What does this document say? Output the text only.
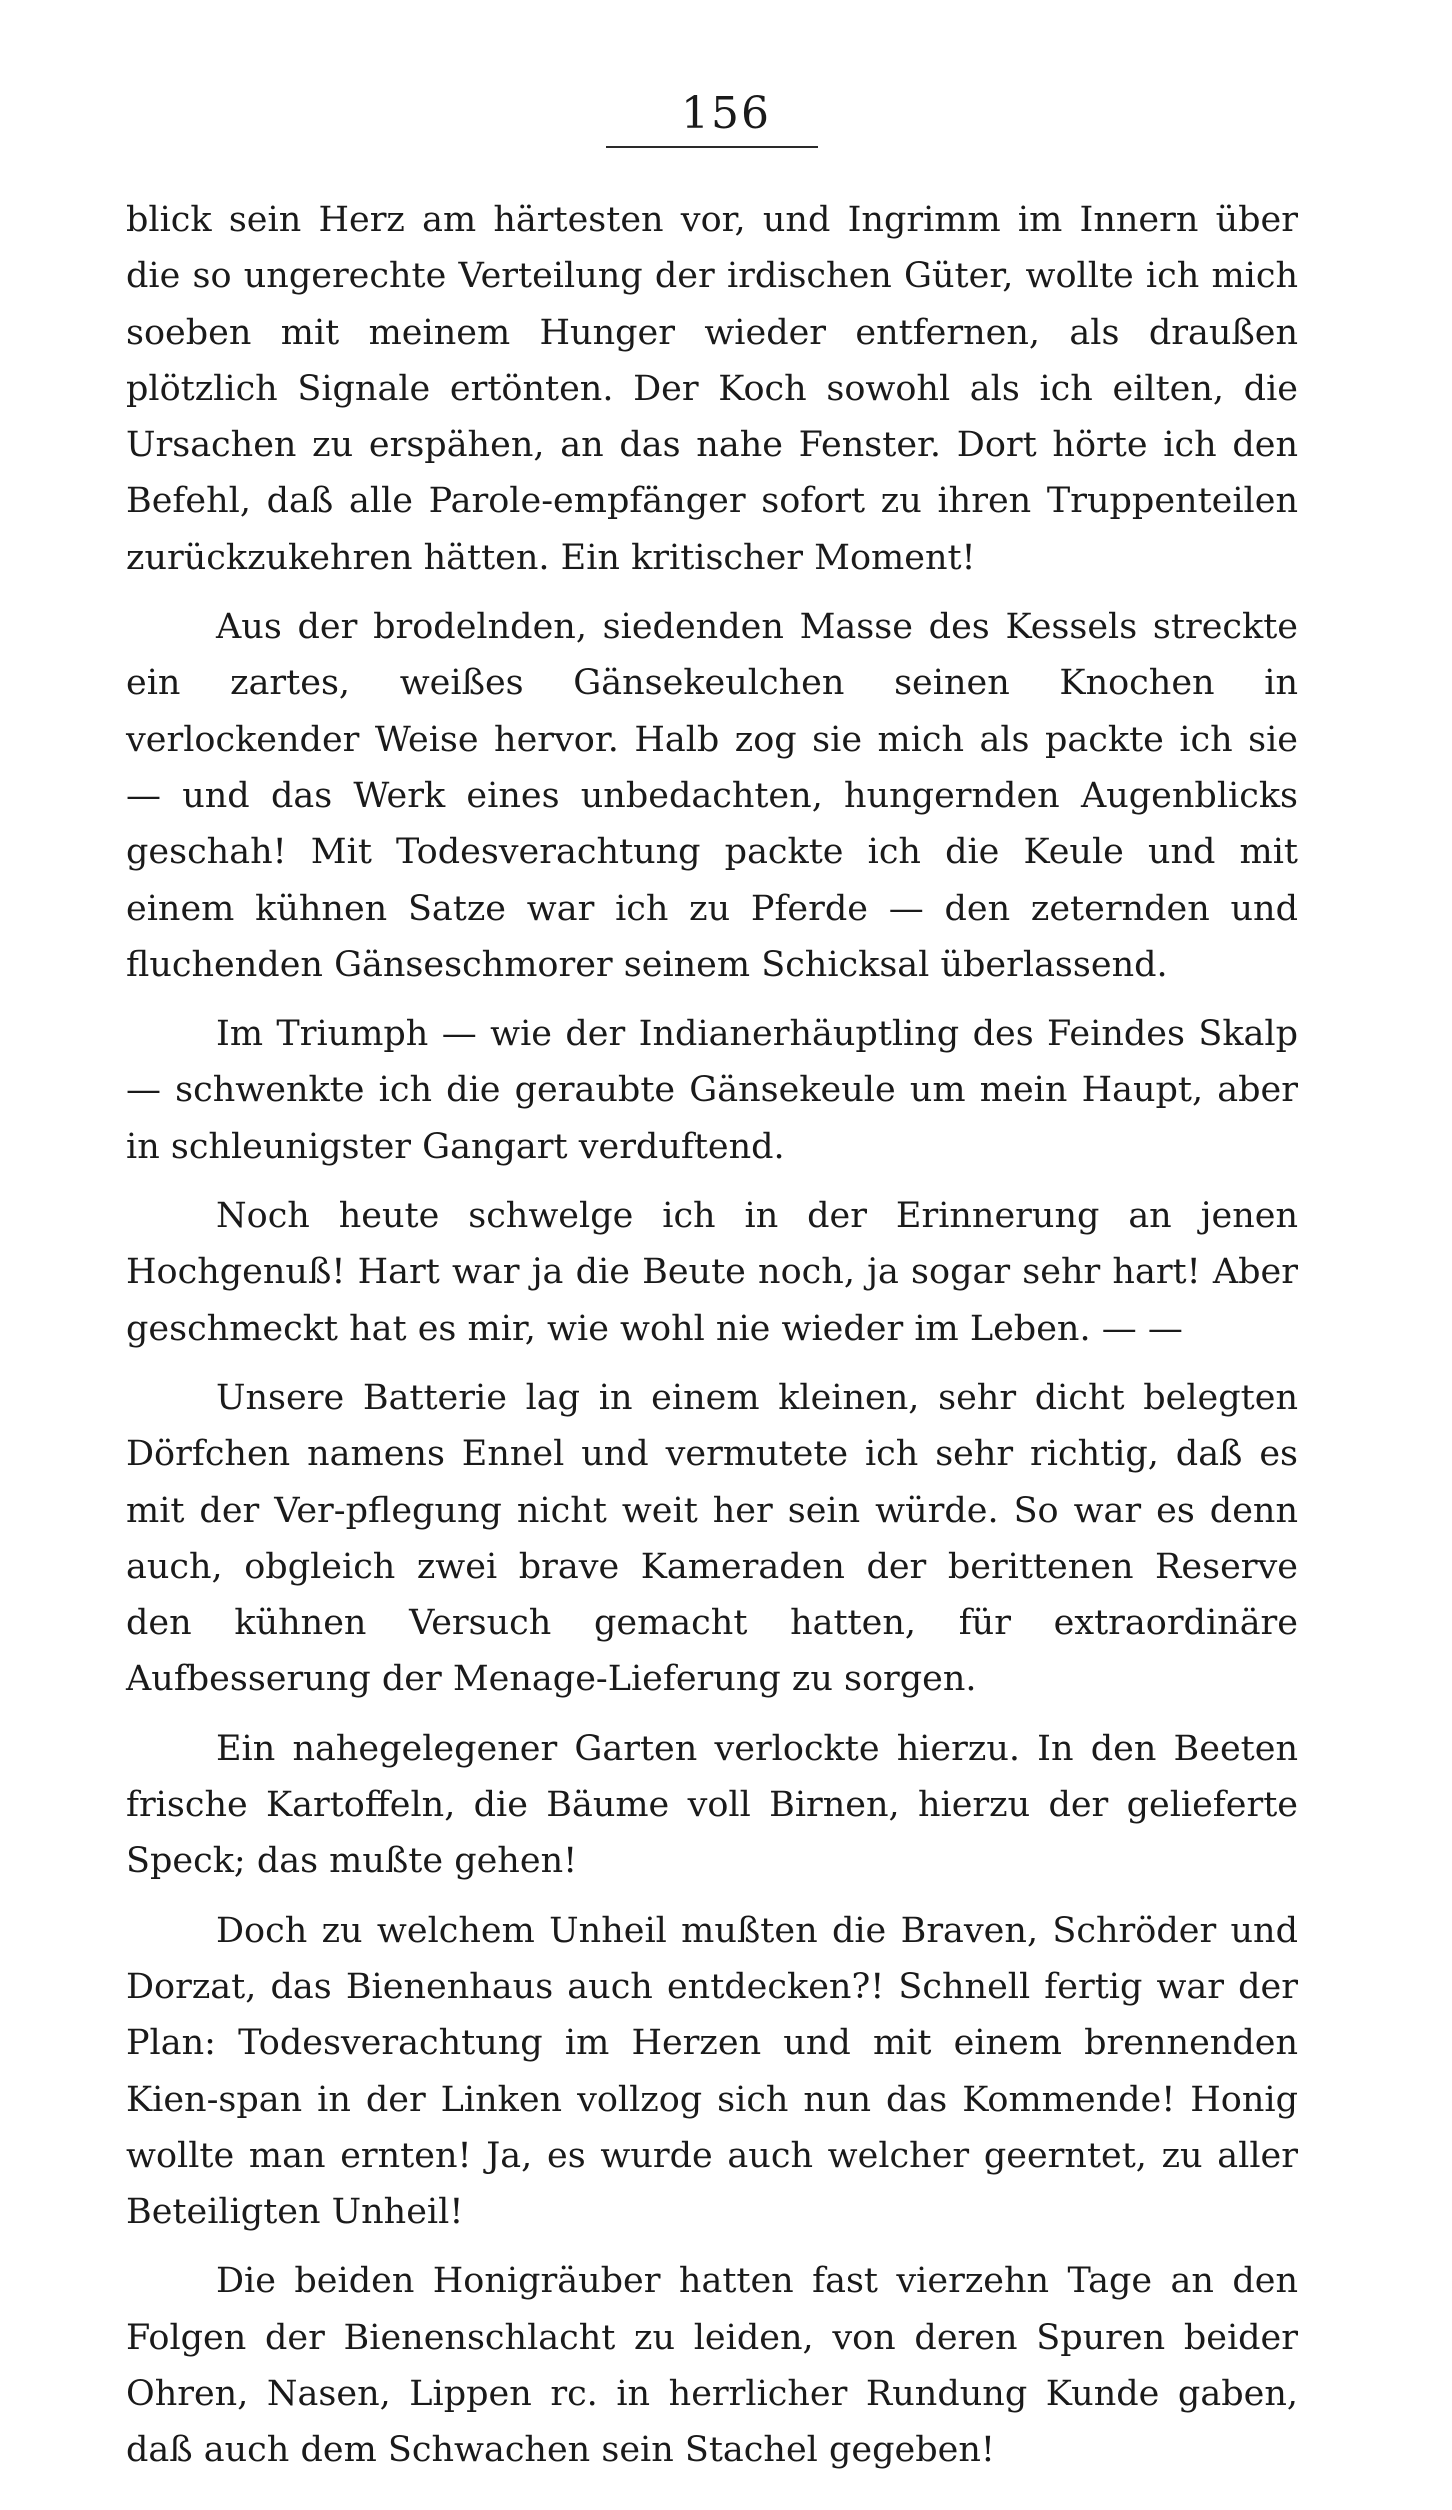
156

blick sein Herz am härtesten vor, und Ingrimm im Innern über die so ungerechte Verteilung der irdischen Güter, wollte ich mich soeben mit meinem Hunger wieder entfernen, als draußen plötzlich Signale ertönten. Der Koch sowohl als ich eilten, die Ursachen zu erspähen, an das nahe Fenster. Dort hörte ich den Befehl, daß alle Parole-empfänger sofort zu ihren Truppenteilen zurückzukehren hätten. Ein kritischer Moment!

Aus der brodelnden, siedenden Masse des Kessels streckte ein zartes, weißes Gänsekeulchen seinen Knochen in verlockender Weise hervor. Halb zog sie mich als packte ich sie — und das Werk eines unbedachten, hungernden Augenblicks geschah! Mit Todesverachtung packte ich die Keule und mit einem kühnen Satze war ich zu Pferde — den zeternden und fluchenden Gänseschmorer seinem Schicksal überlassend.

Im Triumph — wie der Indianerhäuptling des Feindes Skalp — schwenkte ich die geraubte Gänsekeule um mein Haupt, aber in schleunigster Gangart verduftend.

Noch heute schwelge ich in der Erinnerung an jenen Hochgenuß! Hart war ja die Beute noch, ja sogar sehr hart! Aber geschmeckt hat es mir, wie wohl nie wieder im Leben. — —

Unsere Batterie lag in einem kleinen, sehr dicht belegten Dörfchen namens Ennel und vermutete ich sehr richtig, daß es mit der Ver-pflegung nicht weit her sein würde. So war es denn auch, obgleich zwei brave Kameraden der berittenen Reserve den kühnen Versuch gemacht hatten, für extraordinäre Aufbesserung der Menage-Lieferung zu sorgen.

Ein nahegelegener Garten verlockte hierzu. In den Beeten frische Kartoffeln, die Bäume voll Birnen, hierzu der gelieferte Speck; das mußte gehen!

Doch zu welchem Unheil mußten die Braven, Schröder und Dorzat, das Bienenhaus auch entdecken?! Schnell fertig war der Plan: Todesverachtung im Herzen und mit einem brennenden Kien-span in der Linken vollzog sich nun das Kommende! Honig wollte man ernten! Ja, es wurde auch welcher geerntet, zu aller Beteiligten Unheil!

Die beiden Honigräuber hatten fast vierzehn Tage an den Folgen der Bienenschlacht zu leiden, von deren Spuren beider Ohren, Nasen, Lippen rc. in herrlicher Rundung Kunde gaben, daß auch dem Schwachen sein Stachel gegeben!
